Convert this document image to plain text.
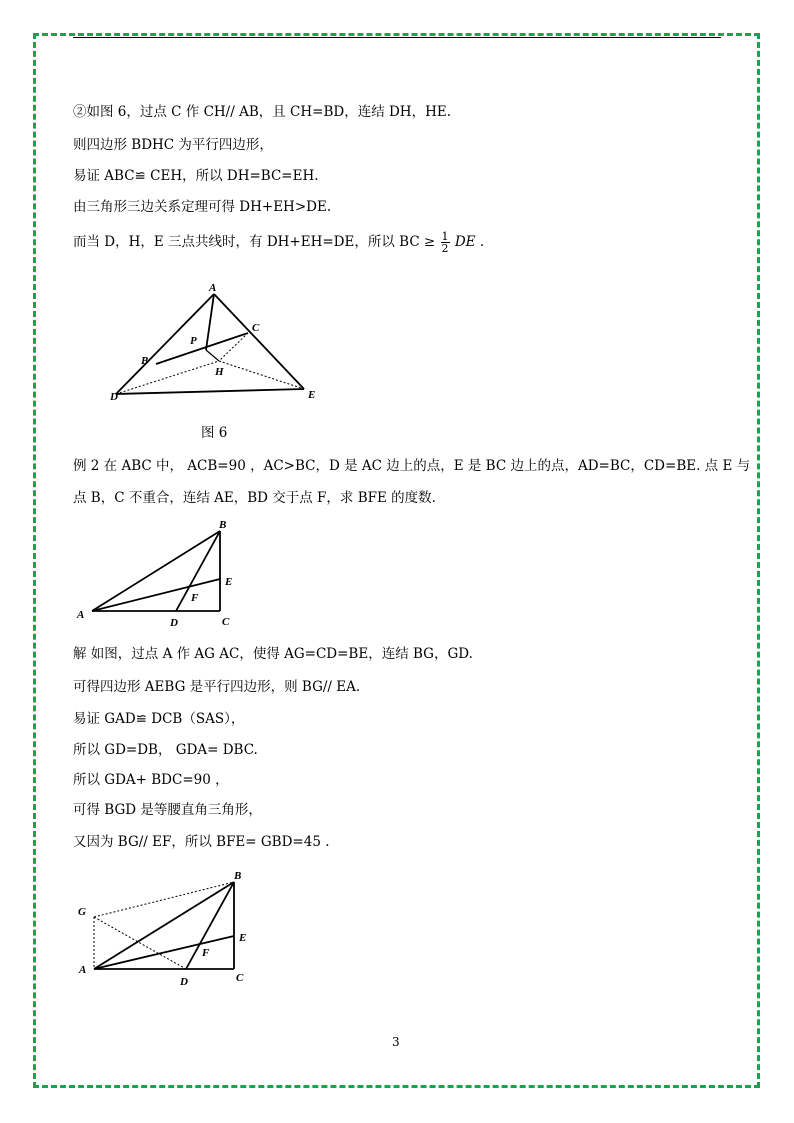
②如图 6，过点 C 作 CH// AB，且 CH=BD，连结 DH，HE.
则四边形 BDHC 为平行四边形，
易证 ABC≌ CEH，所以 DH=BC=EH.
由三角形三边关系定理可得 DH+EH>DE.
而当 D，H，E 三点共线时，有 DH+EH=DE，所以 BC ≥ $\frac{1}{2}$ DE .
A
B
C
D	E
H
P
图 6
例 2 在 ABC 中， ACB=90 ，AC>BC，D 是 AC 边上的点，E 是 BC 边上的点，AD=BC，CD=BE. 点 E 与
点 B，C 不重合，连结 AE，BD 交于点 F，求 BFE 的度数.
A
B
C
D
E
F
解 如图，过点 A 作 AG AC，使得 AG=CD=BE，连结 BG，GD.
可得四边形 AEBG 是平行四边形，则 BG// EA.
易证 GAD≌ DCB（SAS），
所以 GD=DB， GDA= DBC.
所以 GDA+ BDC=90 ，
可得 BGD 是等腰直角三角形，
又因为 BG// EF，所以 BFE= GBD=45 .
A
B
C
D
E
F
G
3
